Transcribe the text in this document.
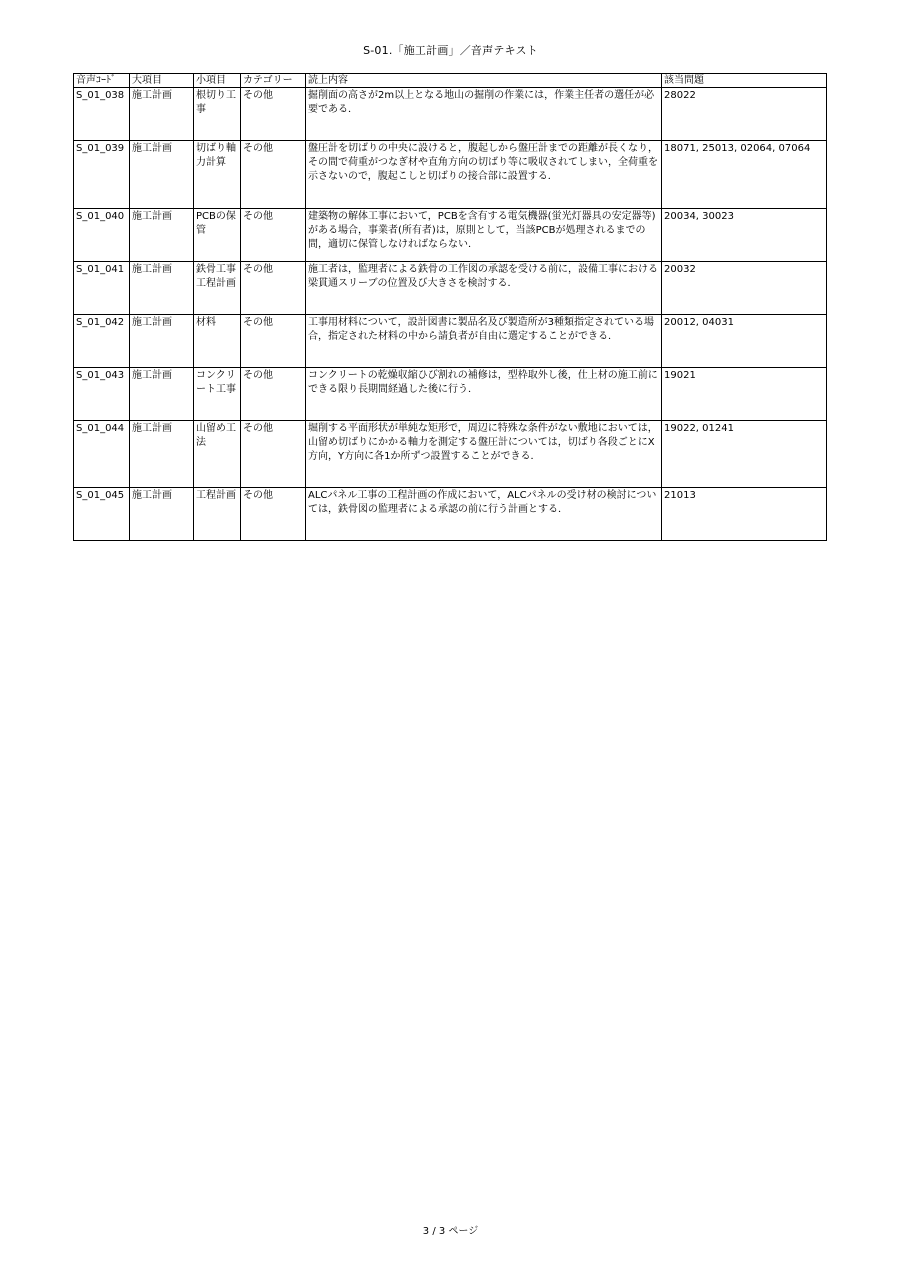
S-01.「施工計画」／音声テキスト
音声ｺｰﾄﾞ	大項目	小項目	カテゴリー	読上内容	該当問題
S_01_038	施工計画	根切り工事	その他	掘削面の高さが2m以上となる地山の掘削の作業には，作業主任者の選任が必要である．	28022
S_01_039	施工計画	切ばり軸力計算	その他	盤圧計を切ばりの中央に設けると，腹起しから盤圧計までの距離が長くなり，その間で荷重がつなぎ材や直角方向の切ばり等に吸収されてしまい，全荷重を示さないので，腹起こしと切ばりの接合部に設置する．	18071, 25013, 02064, 07064
S_01_040	施工計画	PCBの保管	その他	建築物の解体工事において，PCBを含有する電気機器(蛍光灯器具の安定器等)がある場合，事業者(所有者)は，原則として，当該PCBが処理されるまでの間，適切に保管しなければならない．	20034, 30023
S_01_041	施工計画	鉄骨工事工程計画	その他	施工者は，監理者による鉄骨の工作図の承認を受ける前に，設備工事における梁貫通スリーブの位置及び大きさを検討する．	20032
S_01_042	施工計画	材料	その他	工事用材料について，設計図書に製品名及び製造所が3種類指定されている場合，指定された材料の中から請負者が自由に選定することができる．	20012, 04031
S_01_043	施工計画	コンクリート工事	その他	コンクリートの乾燥収縮ひび割れの補修は，型枠取外し後，仕上材の施工前にできる限り長期間経過した後に行う．	19021
S_01_044	施工計画	山留め工法	その他	堀削する平面形状が単純な矩形で，周辺に特殊な条件がない敷地においては，山留め切ばりにかかる軸力を測定する盤圧計については，切ばり各段ごとにX方向，Y方向に各1か所ずつ設置することができる．	19022, 01241
S_01_045	施工計画	工程計画	その他	ALCパネル工事の工程計画の作成において，ALCパネルの受け材の検討については，鉄骨図の監理者による承認の前に行う計画とする．	21013
3 / 3 ページ
